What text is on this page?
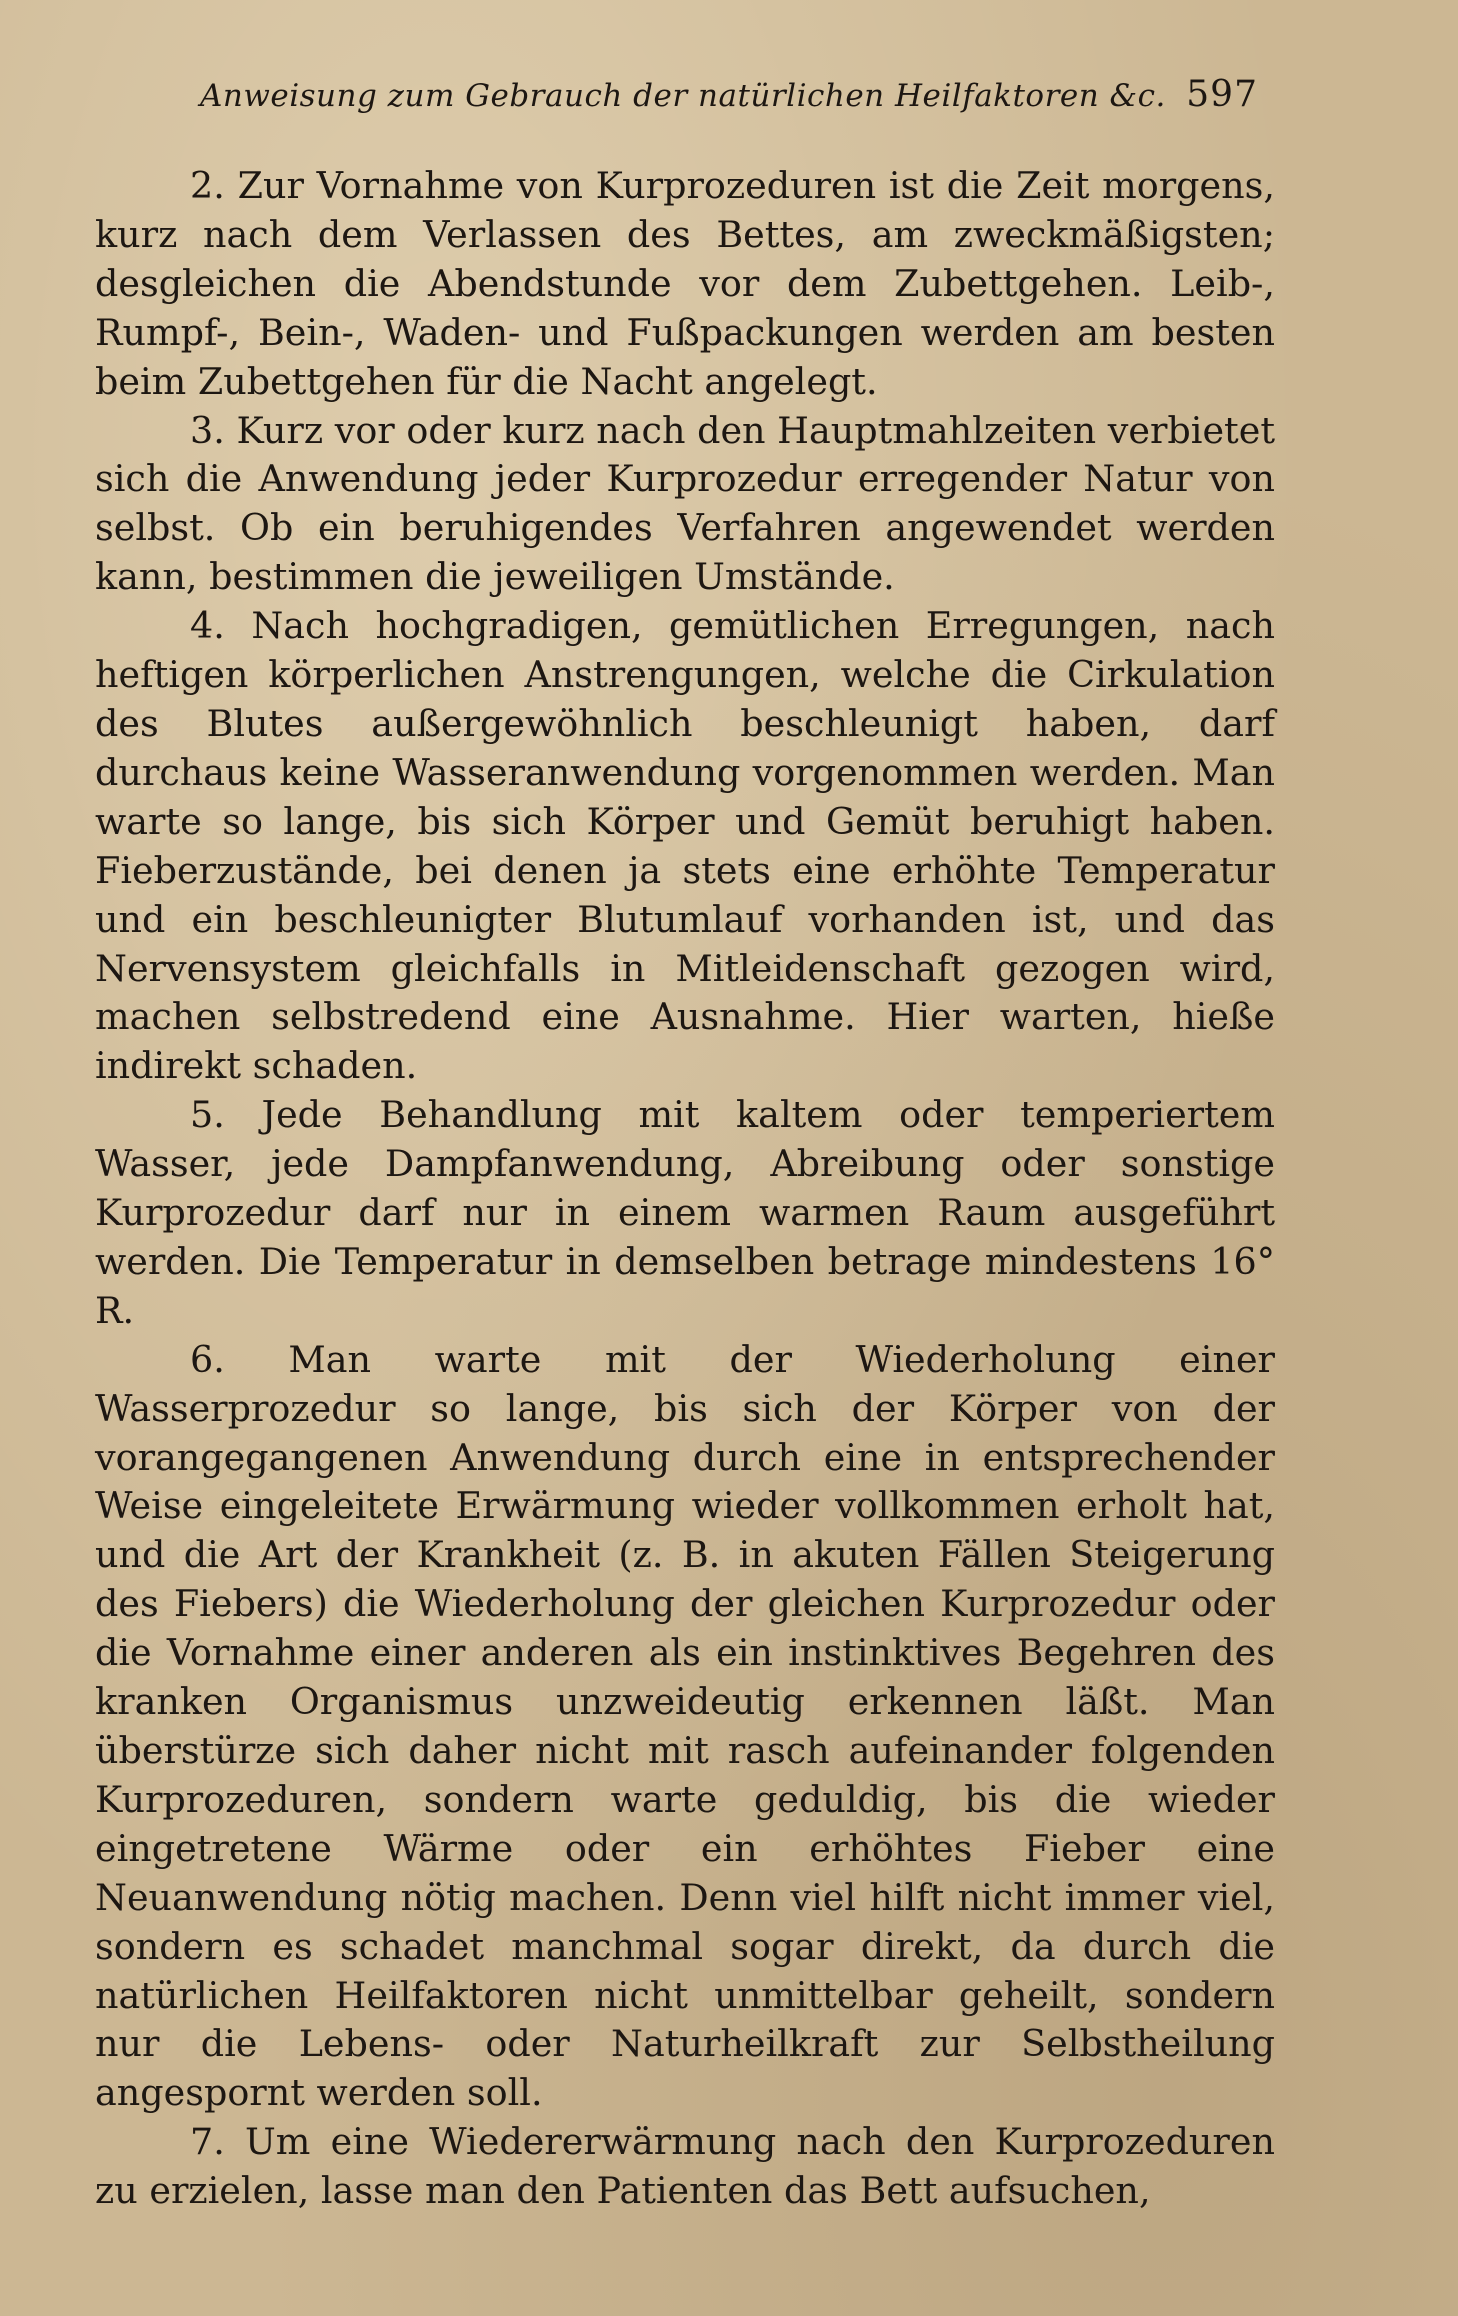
Anweisung zum Gebrauch der natürlichen Heilfaktoren &c. 597

2. Zur Vornahme von Kurprozeduren ist die Zeit morgens, kurz nach dem Verlassen des Bettes, am zweckmäßigsten; desgleichen die Abendstunde vor dem Zubettgehen. Leib-, Rumpf-, Bein-, Waden- und Fußpackungen werden am besten beim Zubettgehen für die Nacht angelegt.

3. Kurz vor oder kurz nach den Hauptmahlzeiten verbietet sich die Anwendung jeder Kurprozedur erregender Natur von selbst. Ob ein beruhigendes Verfahren angewendet werden kann, bestimmen die jeweiligen Umstände.

4. Nach hochgradigen, gemütlichen Erregungen, nach heftigen körperlichen Anstrengungen, welche die Cirkulation des Blutes außergewöhnlich beschleunigt haben, darf durchaus keine Wasseranwendung vorgenommen werden. Man warte so lange, bis sich Körper und Gemüt beruhigt haben. Fieberzustände, bei denen ja stets eine erhöhte Temperatur und ein beschleunigter Blutumlauf vorhanden ist, und das Nervensystem gleichfalls in Mitleidenschaft gezogen wird, machen selbstredend eine Ausnahme. Hier warten, hieße indirekt schaden.

5. Jede Behandlung mit kaltem oder temperiertem Wasser, jede Dampfanwendung, Abreibung oder sonstige Kurprozedur darf nur in einem warmen Raum ausgeführt werden. Die Temperatur in demselben betrage mindestens 16° R.

6. Man warte mit der Wiederholung einer Wasserprozedur so lange, bis sich der Körper von der vorangegangenen Anwendung durch eine in entsprechender Weise eingeleitete Erwärmung wieder vollkommen erholt hat, und die Art der Krankheit (z. B. in akuten Fällen Steigerung des Fiebers) die Wiederholung der gleichen Kurprozedur oder die Vornahme einer anderen als ein instinktives Begehren des kranken Organismus unzweideutig erkennen läßt. Man überstürze sich daher nicht mit rasch aufeinander folgenden Kurprozeduren, sondern warte geduldig, bis die wieder eingetretene Wärme oder ein erhöhtes Fieber eine Neuanwendung nötig machen. Denn viel hilft nicht immer viel, sondern es schadet manchmal sogar direkt, da durch die natürlichen Heilfaktoren nicht unmittelbar geheilt, sondern nur die Lebens- oder Naturheilkraft zur Selbstheilung angespornt werden soll.

7. Um eine Wiedererwärmung nach den Kurprozeduren zu erzielen, lasse man den Patienten das Bett aufsuchen,
